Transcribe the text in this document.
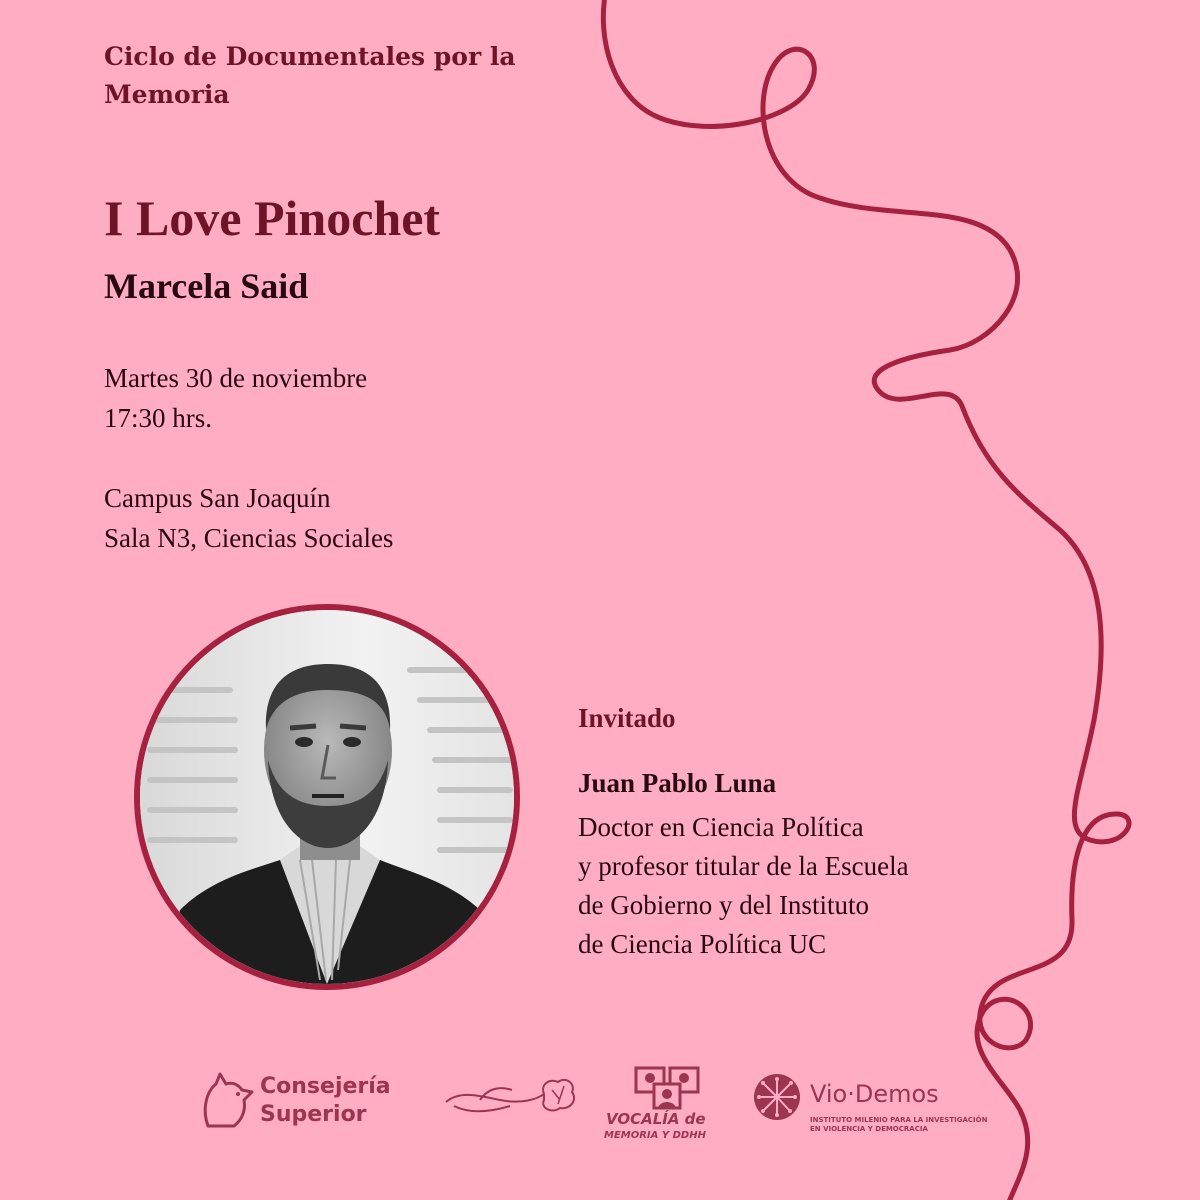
Ciclo de Documentales por la Memoria
I Love Pinochet
Marcela Said
Martes 30 de noviembre
17:30 hrs.
Campus San Joaquín
Sala N3, Ciencias Sociales
Invitado
Juan Pablo Luna
Doctor en Ciencia Política
y profesor titular de la Escuela
de Gobierno y del Instituto
de Ciencia Política UC
Consejería
Superior	VOCALÍA de
MEMORIA Y DDHH
Vio·Demos
INSTITUTO MILENIO PARA LA INVESTIGACIÓN EN VIOLENCIA Y DEMOCRACIA
